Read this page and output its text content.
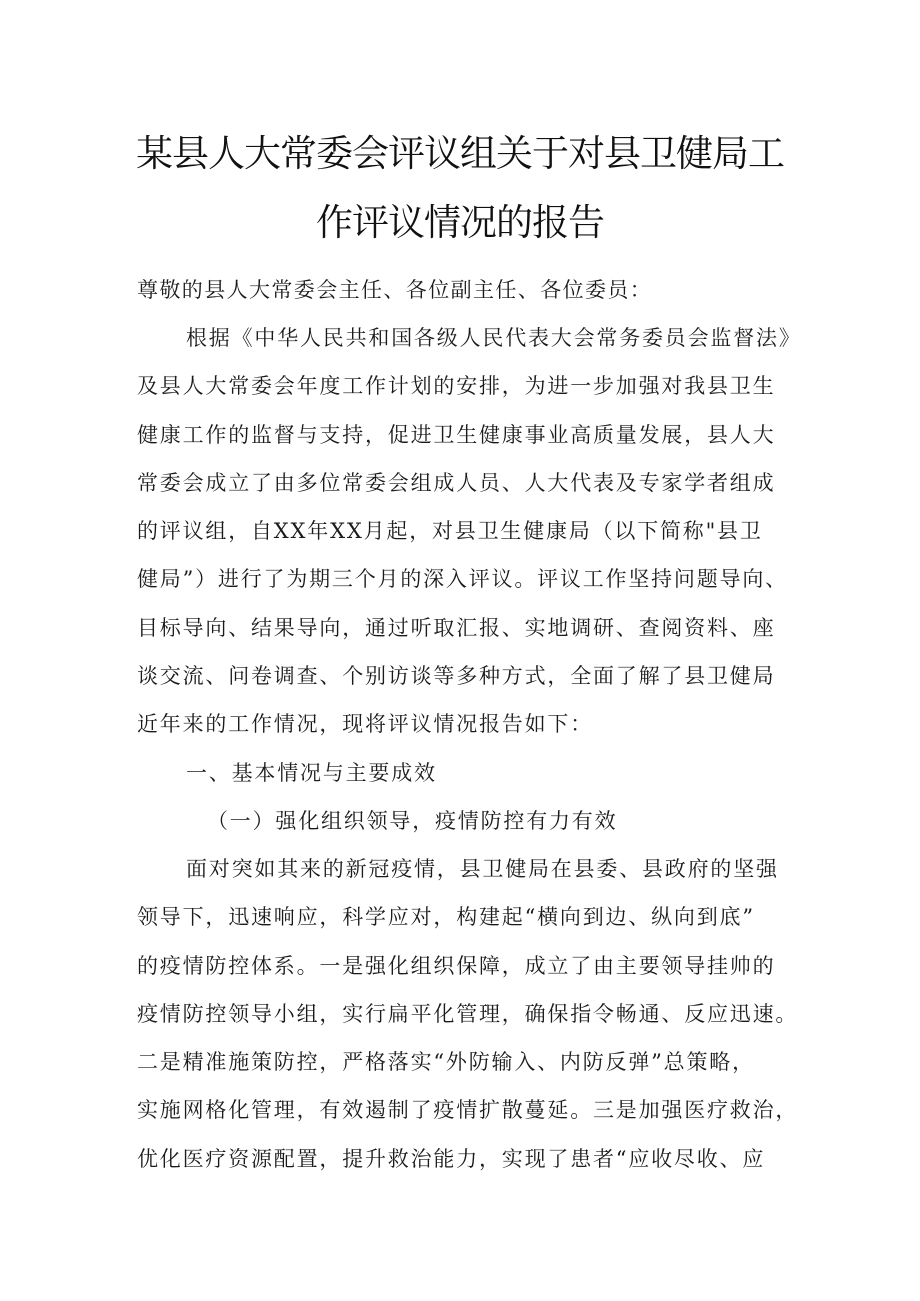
某县人大常委会评议组关于对县卫健局工
作评议情况的报告
尊敬的县人大常委会主任、各位副主任、各位委员：
根据《中华人民共和国各级人民代表大会常务委员会监督法》
及县人大常委会年度工作计划的安排，为进一步加强对我县卫生
健康工作的监督与支持，促进卫生健康事业高质量发展，县人大
常委会成立了由多位常委会组成人员、人大代表及专家学者组成
的评议组，自XX年XX月起，对县卫生健康局（以下简称"县卫
健局”）进行了为期三个月的深入评议。评议工作坚持问题导向、
目标导向、结果导向，通过听取汇报、实地调研、查阅资料、座
谈交流、问卷调查、个别访谈等多种方式，全面了解了县卫健局
近年来的工作情况，现将评议情况报告如下：
一、基本情况与主要成效
（一）强化组织领导，疫情防控有力有效
面对突如其来的新冠疫情，县卫健局在县委、县政府的坚强
领导下，迅速响应，科学应对，构建起“横向到边、纵向到底”
的疫情防控体系。一是强化组织保障，成立了由主要领导挂帅的
疫情防控领导小组，实行扁平化管理，确保指令畅通、反应迅速。
二是精准施策防控，严格落实“外防输入、内防反弹”总策略，
实施网格化管理，有效遏制了疫情扩散蔓延。三是加强医疗救治，
优化医疗资源配置，提升救治能力，实现了患者“应收尽收、应
